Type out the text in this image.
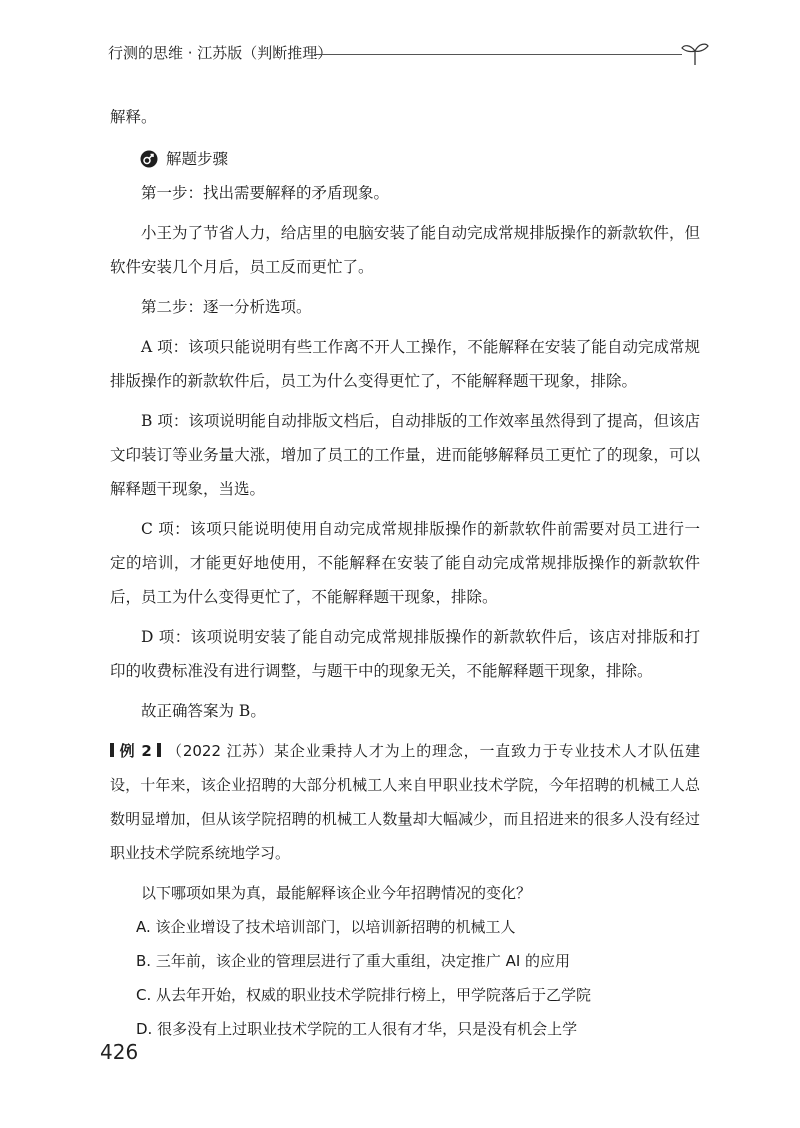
行测的思维 · 江苏版（判断推理）

解释。

解题步骤

第一步：找出需要解释的矛盾现象。

小王为了节省人力，给店里的电脑安装了能自动完成常规排版操作的新款软件，但软件安装几个月后，员工反而更忙了。

第二步：逐一分析选项。

A 项：该项只能说明有些工作离不开人工操作，不能解释在安装了能自动完成常规排版操作的新款软件后，员工为什么变得更忙了，不能解释题干现象，排除。

B 项：该项说明能自动排版文档后，自动排版的工作效率虽然得到了提高，但该店文印装订等业务量大涨，增加了员工的工作量，进而能够解释员工更忙了的现象，可以解释题干现象，当选。

C 项：该项只能说明使用自动完成常规排版操作的新款软件前需要对员工进行一定的培训，才能更好地使用，不能解释在安装了能自动完成常规排版操作的新款软件后，员工为什么变得更忙了，不能解释题干现象，排除。

D 项：该项说明安装了能自动完成常规排版操作的新款软件后，该店对排版和打印的收费标准没有进行调整，与题干中的现象无关，不能解释题干现象，排除。

故正确答案为 B。

例 2 （2022 江苏）某企业秉持人才为上的理念，一直致力于专业技术人才队伍建设，十年来，该企业招聘的大部分机械工人来自甲职业技术学院，今年招聘的机械工人总数明显增加，但从该学院招聘的机械工人数量却大幅减少，而且招进来的很多人没有经过职业技术学院系统地学习。

以下哪项如果为真，最能解释该企业今年招聘情况的变化？

A. 该企业增设了技术培训部门，以培训新招聘的机械工人

B. 三年前，该企业的管理层进行了重大重组，决定推广 AI 的应用

C. 从去年开始，权威的职业技术学院排行榜上，甲学院落后于乙学院

D. 很多没有上过职业技术学院的工人很有才华，只是没有机会上学

426
